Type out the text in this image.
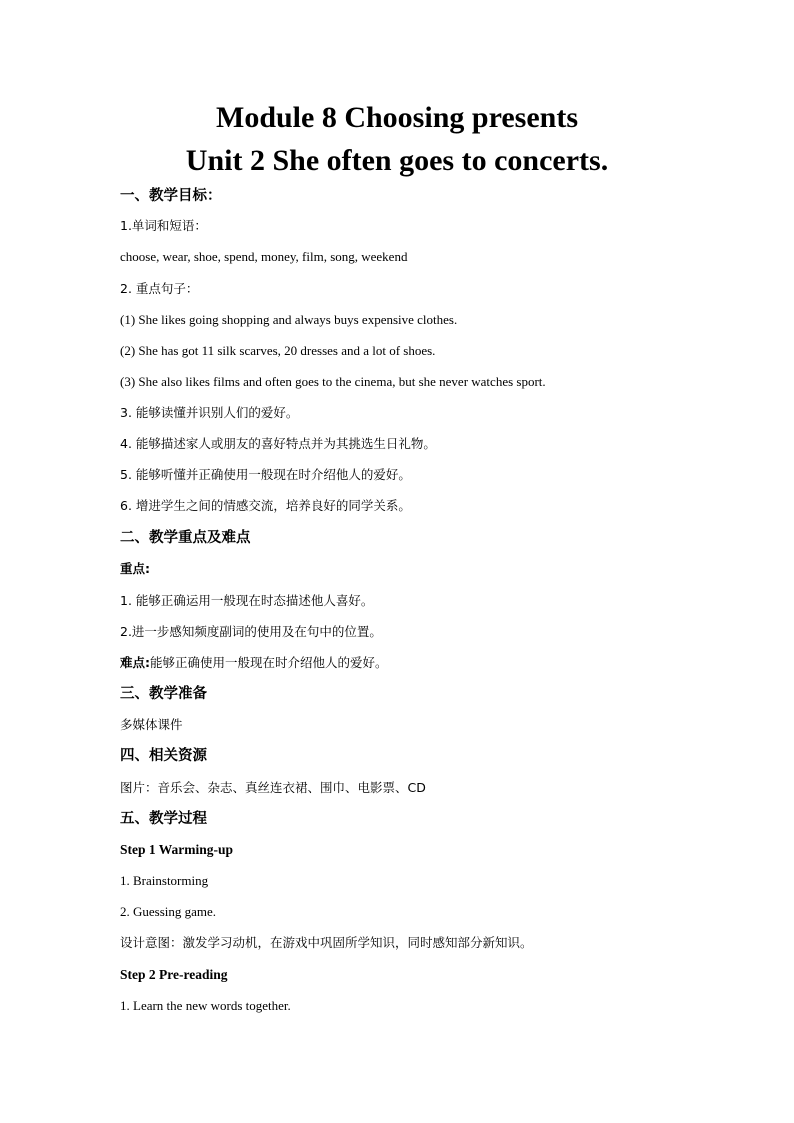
Module 8 Choosing presents
Unit 2 She often goes to concerts.
一、教学目标：
1.单词和短语：
choose, wear, shoe, spend, money, film, song, weekend
2. 重点句子：
(1) She likes going shopping and always buys expensive clothes.
(2) She has got 11 silk scarves, 20 dresses and a lot of shoes.
(3) She also likes films and often goes to the cinema, but she never watches sport.
3. 能够读懂并识别人们的爱好。
4. 能够描述家人或朋友的喜好特点并为其挑选生日礼物。
5. 能够听懂并正确使用一般现在时介绍他人的爱好。
6. 增进学生之间的情感交流，培养良好的同学关系。
二、教学重点及难点
重点:
1. 能够正确运用一般现在时态描述他人喜好。
2.进一步感知频度副词的使用及在句中的位置。
难点:能够正确使用一般现在时介绍他人的爱好。
三、教学准备
多媒体课件
四、相关资源
图片：音乐会、杂志、真丝连衣裙、围巾、电影票、CD
五、教学过程
Step 1 Warming-up
1. Brainstorming
2. Guessing game.
设计意图：激发学习动机，在游戏中巩固所学知识，同时感知部分新知识。
Step 2 Pre-reading
1. Learn the new words together.
